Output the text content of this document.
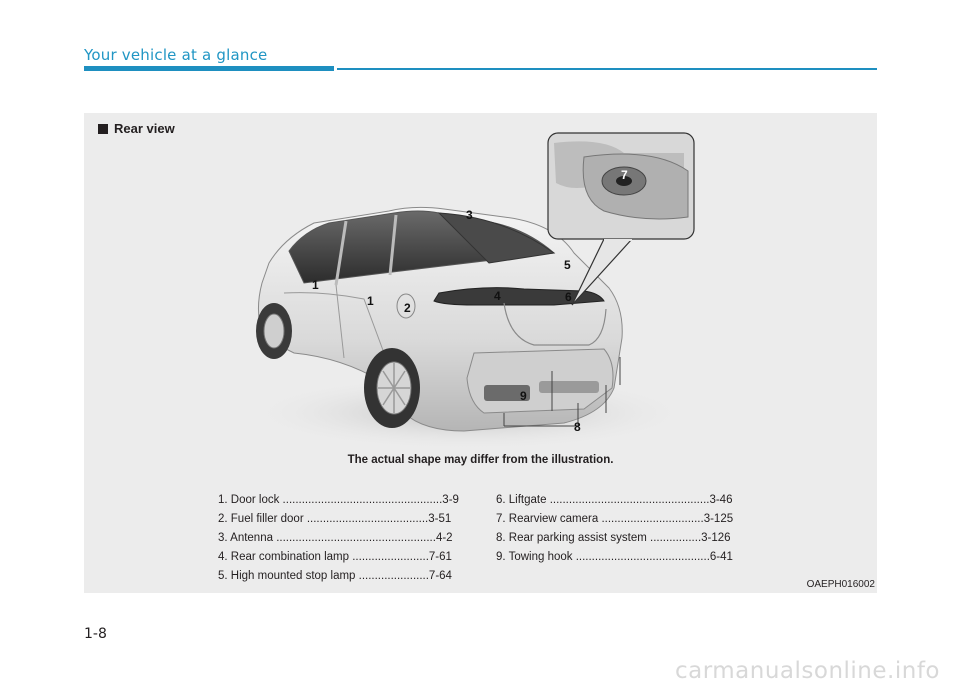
Your vehicle at a glance
Rear view
1
1	2
3
4
5
6
7
8
9
The actual shape may differ from the illustration.
1. Door lock ..................................................3-9
2. Fuel filler door ......................................3-51
3. Antenna ..................................................4-2
4. Rear combination lamp ........................7-61
5. High mounted stop lamp ......................7-64
6. Liftgate ..................................................3-46
7. Rearview camera ................................3-125
8. Rear parking assist system ................3-126
9. Towing hook ..........................................6-41
OAEPH016002
1-8
carmanualsonline.info
